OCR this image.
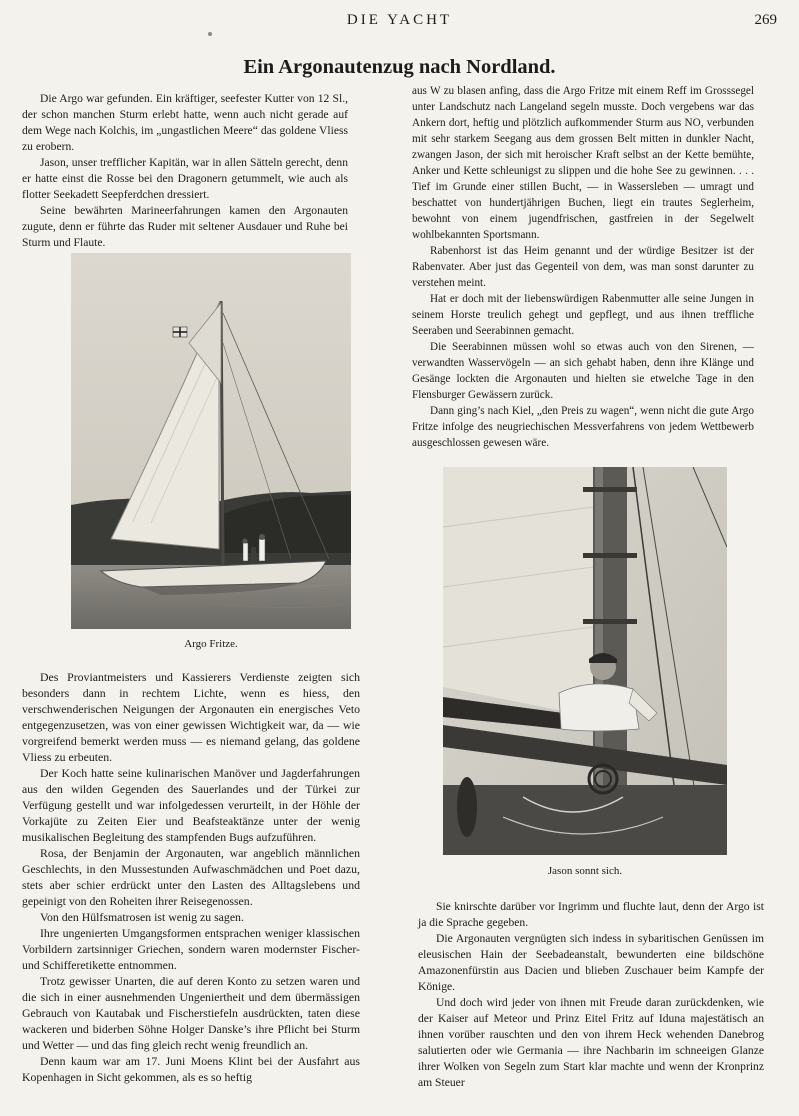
DIE YACHT	269
Ein Argonautenzug nach Nordland.

Die Argo war gefunden. Ein kräftiger, seefester Kutter von 12 Sl., der schon manchen Sturm erlebt hatte, wenn auch nicht gerade auf dem Wege nach Kolchis, im „ungastlichen Meere“ das goldene Vliess zu erobern.

Jason, unser trefflicher Kapitän, war in allen Sätteln gerecht, denn er hatte einst die Rosse bei den Dragonern getummelt, wie auch als flotter Seekadett Seepferdchen dressiert.

Seine bewährten Marineerfahrungen kamen den Argonauten zugute, denn er führte das Ruder mit seltener Ausdauer und Ruhe bei Sturm und Flaute.

Argo Fritze.

Des Proviantmeisters und Kassierers Verdienste zeigten sich besonders dann in rechtem Lichte, wenn es hiess, den verschwenderischen Neigungen der Argonauten ein energisches Veto entgegenzusetzen, was von einer gewissen Wichtigkeit war, da — wie vorgreifend bemerkt werden muss — es niemand gelang, das goldene Vliess zu erbeuten.

Der Koch hatte seine kulinarischen Manöver und Jagderfahrungen aus den wilden Gegenden des Sauerlandes und der Türkei zur Verfügung gestellt und war infolgedessen verurteilt, in der Höhle der Vorkajüte zu Zeiten Eier und Beafsteaktänze unter der wenig musikalischen Begleitung des stampfenden Bugs aufzuführen.

Rosa, der Benjamin der Argonauten, war angeblich männlichen Geschlechts, in den Mussestunden Aufwaschmädchen und Poet dazu, stets aber schier erdrückt unter den Lasten des Alltagslebens und gepeinigt von den Roheiten ihrer Reisegenossen.

Von den Hülfsmatrosen ist wenig zu sagen.

Ihre ungenierten Umgangsformen entsprachen weniger klassischen Vorbildern zartsinniger Griechen, sondern waren modernster Fischer- und Schifferetikette entnommen.

Trotz gewisser Unarten, die auf deren Konto zu setzen waren und die sich in einer ausnehmenden Ungeniertheit und dem übermässigen Gebrauch von Kautabak und Fischerstiefeln ausdrückten, taten diese wackeren und biderben Söhne Holger Danske’s ihre Pflicht bei Sturm und Wetter — und das fing gleich recht wenig freundlich an.

Denn kaum war am 17. Juni Moens Klint bei der Ausfahrt aus Kopenhagen in Sicht gekommen, als es so heftig

aus W zu blasen anfing, dass die Argo Fritze mit einem Reff im Grosssegel unter Landschutz nach Langeland segeln musste. Doch vergebens war das Ankern dort, heftig und plötzlich aufkommender Sturm aus NO, verbunden mit sehr starkem Seegang aus dem grossen Belt mitten in dunkler Nacht, zwangen Jason, der sich mit heroischer Kraft selbst an der Kette bemühte, Anker und Kette schleunigst zu slippen und die hohe See zu gewinnen. . . . Tief im Grunde einer stillen Bucht, — in Wassersleben — umragt und beschattet von hundertjährigen Buchen, liegt ein trautes Seglerheim, bewohnt von einem jugendfrischen, gastfreien in der Segelwelt wohlbekannten Sportsmann.

Rabenhorst ist das Heim genannt und der würdige Besitzer ist der Rabenvater. Aber just das Gegenteil von dem, was man sonst darunter zu verstehen meint.

Hat er doch mit der liebenswürdigen Rabenmutter alle seine Jungen in seinem Horste treulich gehegt und gepflegt, und aus ihnen treffliche Seeraben und Seerabinnen gemacht.

Die Seerabinnen müssen wohl so etwas auch von den Sirenen, — verwandten Wasservögeln — an sich gehabt haben, denn ihre Klänge und Gesänge lockten die Argonauten und hielten sie etwelche Tage in den Flensburger Gewässern zurück.

Dann ging’s nach Kiel, „den Preis zu wagen“, wenn nicht die gute Argo Fritze infolge des neugriechischen Messverfahrens von jedem Wettbewerb ausgeschlossen gewesen wäre.

Jason sonnt sich.

Sie knirschte darüber vor Ingrimm und fluchte laut, denn der Argo ist ja die Sprache gegeben.

Die Argonauten vergnügten sich indess in sybaritischen Genüssen im eleusischen Hain der Seebadeanstalt, bewunderten eine bildschöne Amazonenfürstin aus Dacien und blieben Zuschauer beim Kampfe der Könige.

Und doch wird jeder von ihnen mit Freude daran zurückdenken, wie der Kaiser auf Meteor und Prinz Eitel Fritz auf Iduna majestätisch an ihnen vorüber rauschten und den von ihrem Heck wehenden Danebrog salutierten oder wie Germania — ihre Nachbarin im schneeigen Glanze ihrer Wolken von Segeln zum Start klar machte und wenn der Kronprinz am Steuer
